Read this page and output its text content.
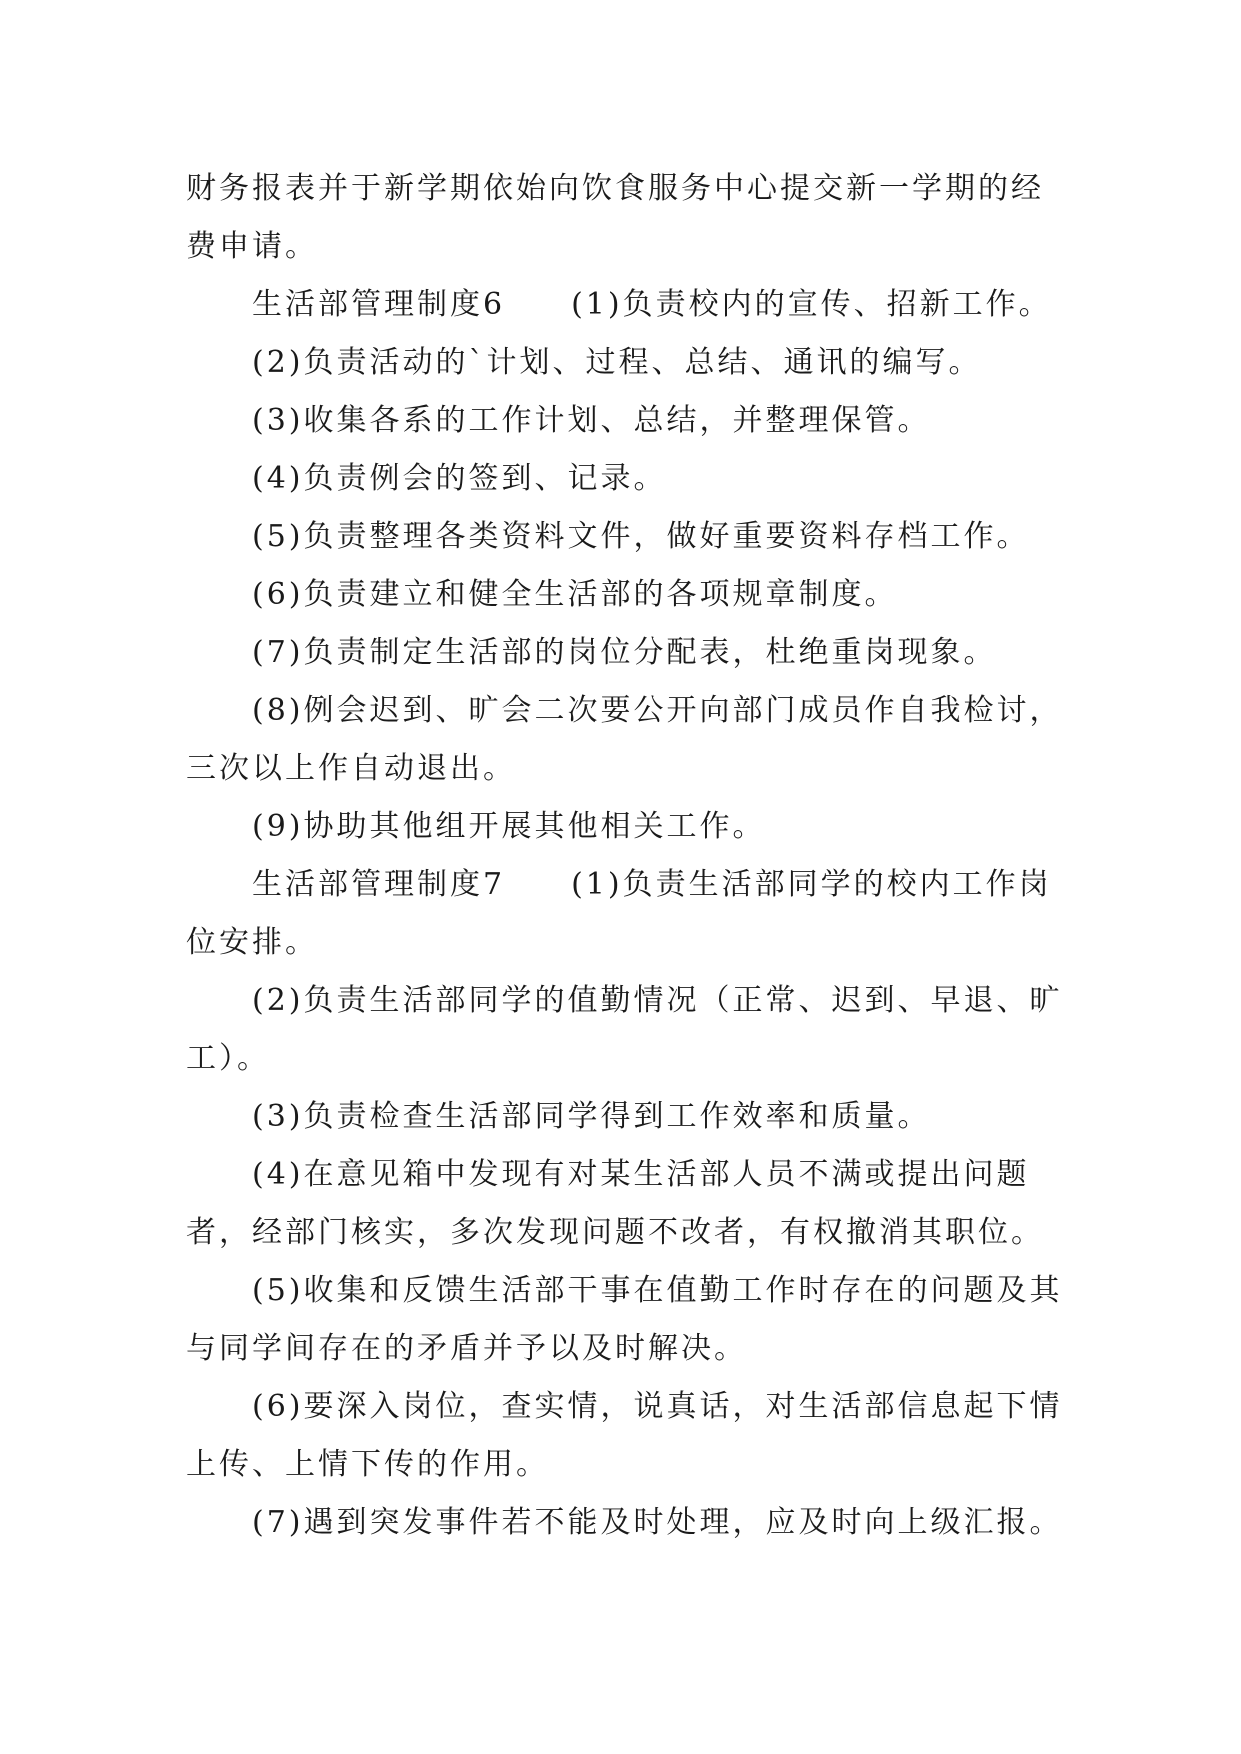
财务报表并于新学期依始向饮食服务中心提交新一学期的经费申请。

生活部管理制度6 (1)负责校内的宣传、招新工作。

(2)负责活动的`计划、过程、总结、通讯的编写。

(3)收集各系的工作计划、总结，并整理保管。

(4)负责例会的签到、记录。

(5)负责整理各类资料文件，做好重要资料存档工作。

(6)负责建立和健全生活部的各项规章制度。

(7)负责制定生活部的岗位分配表，杜绝重岗现象。

(8)例会迟到、旷会二次要公开向部门成员作自我检讨，三次以上作自动退出。

(9)协助其他组开展其他相关工作。

生活部管理制度7 (1)负责生活部同学的校内工作岗位安排。

(2)负责生活部同学的值勤情况（正常、迟到、早退、旷工）。

(3)负责检查生活部同学得到工作效率和质量。

(4)在意见箱中发现有对某生活部人员不满或提出问题者，经部门核实，多次发现问题不改者，有权撤消其职位。

(5)收集和反馈生活部干事在值勤工作时存在的问题及其与同学间存在的矛盾并予以及时解决。

(6)要深入岗位，查实情，说真话，对生活部信息起下情上传、上情下传的作用。

(7)遇到突发事件若不能及时处理，应及时向上级汇报。
